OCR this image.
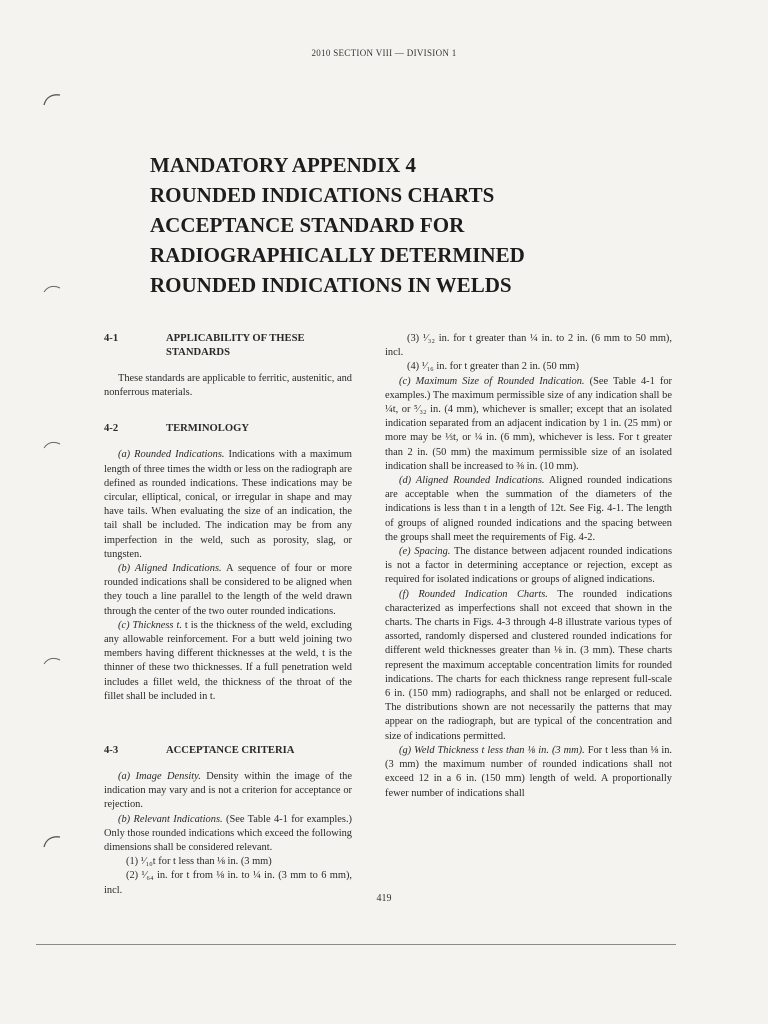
2010 SECTION VIII — DIVISION 1

MANDATORY APPENDIX 4

ROUNDED INDICATIONS CHARTS

ACCEPTANCE STANDARD FOR

RADIOGRAPHICALLY DETERMINED

ROUNDED INDICATIONS IN WELDS

4-1	APPLICABILITY OF THESE STANDARDS

These standards are applicable to ferritic, austenitic, and nonferrous materials.

4-2	TERMINOLOGY

(a) Rounded Indications. Indications with a maximum length of three times the width or less on the radiograph are defined as rounded indications. These indications may be circular, elliptical, conical, or irregular in shape and may have tails. When evaluating the size of an indication, the tail shall be included. The indication may be from any imperfection in the weld, such as porosity, slag, or tungsten.

(b) Aligned Indications. A sequence of four or more rounded indications shall be considered to be aligned when they touch a line parallel to the length of the weld drawn through the center of the two outer rounded indications.

(c) Thickness t. t is the thickness of the weld, excluding any allowable reinforcement. For a butt weld joining two members having different thicknesses at the weld, t is the thinner of these two thicknesses. If a full penetration weld includes a fillet weld, the thickness of the throat of the fillet shall be included in t.

4-3	ACCEPTANCE CRITERIA

(a) Image Density. Density within the image of the indication may vary and is not a criterion for acceptance or rejection.

(b) Relevant Indications. (See Table 4-1 for examples.) Only those rounded indications which exceed the following dimensions shall be considered relevant.

(1) ¹⁄₁₀t for t less than ⅛ in. (3 mm)

(2) ¹⁄₆₄ in. for t from ⅛ in. to ¼ in. (3 mm to 6 mm), incl.

(3) ¹⁄₃₂ in. for t greater than ¼ in. to 2 in. (6 mm to 50 mm), incl.

(4) ¹⁄₁₆ in. for t greater than 2 in. (50 mm)

(c) Maximum Size of Rounded Indication. (See Table 4-1 for examples.) The maximum permissible size of any indication shall be ¼t, or ⁵⁄₃₂ in. (4 mm), whichever is smaller; except that an isolated indication separated from an adjacent indication by 1 in. (25 mm) or more may be ⅓t, or ¼ in. (6 mm), whichever is less. For t greater than 2 in. (50 mm) the maximum permissible size of an isolated indication shall be increased to ⅜ in. (10 mm).

(d) Aligned Rounded Indications. Aligned rounded indications are acceptable when the summation of the diameters of the indications is less than t in a length of 12t. See Fig. 4-1. The length of groups of aligned rounded indications and the spacing between the groups shall meet the requirements of Fig. 4-2.

(e) Spacing. The distance between adjacent rounded indications is not a factor in determining acceptance or rejection, except as required for isolated indications or groups of aligned indications.

(f) Rounded Indication Charts. The rounded indications characterized as imperfections shall not exceed that shown in the charts. The charts in Figs. 4-3 through 4-8 illustrate various types of assorted, randomly dispersed and clustered rounded indications for different weld thicknesses greater than ⅛ in. (3 mm). These charts represent the maximum acceptable concentration limits for rounded indications. The charts for each thickness range represent full-scale 6 in. (150 mm) radiographs, and shall not be enlarged or reduced. The distributions shown are not necessarily the patterns that may appear on the radiograph, but are typical of the concentration and size of indications permitted.

(g) Weld Thickness t less than ⅛ in. (3 mm). For t less than ⅛ in. (3 mm) the maximum number of rounded indications shall not exceed 12 in a 6 in. (150 mm) length of weld. A proportionally fewer number of indications shall

419
